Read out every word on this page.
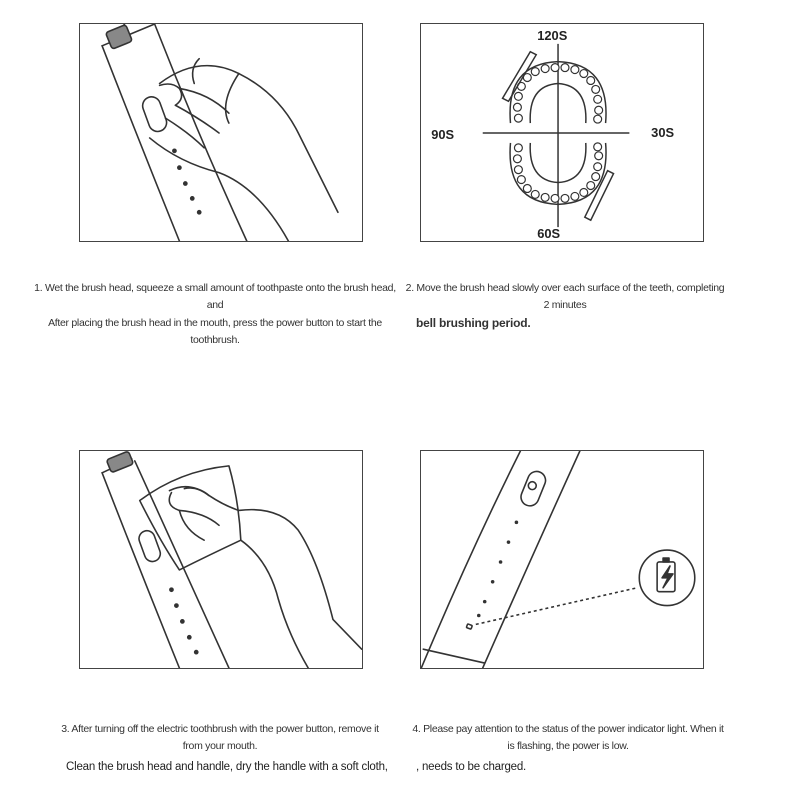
120S
90S	30S
60S
1. Wet the brush head, squeeze a small amount of toothpaste onto the brush head, and
After placing the brush head in the mouth, press the power button to start the toothbrush.
2. Move the brush head slowly over each surface of the teeth, completing 2 minutes
bell brushing period.
3. After turning off the electric toothbrush with the power button, remove it from your mouth.
Clean the brush head and handle, dry the handle with a soft cloth,
4. Please pay attention to the status of the power indicator light. When it is flashing, the power is low.
, needs to be charged.
